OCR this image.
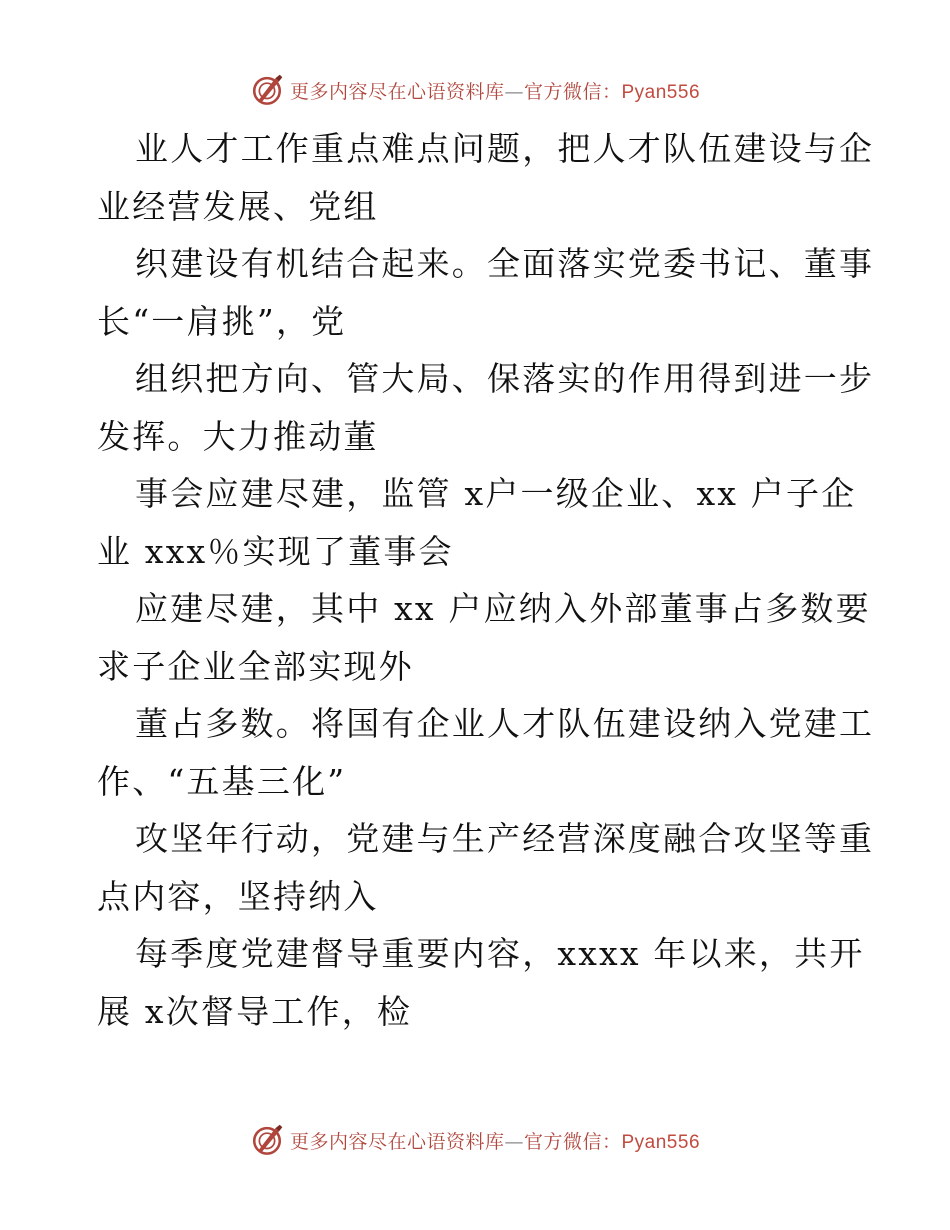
更多内容尽在心语资料库—官方微信：Pyan556
业人才工作重点难点问题，把人才队伍建设与企
业经营发展、党组
织建设有机结合起来。全面落实党委书记、董事
长“一肩挑”，党
组织把方向、管大局、保落实的作用得到进一步
发挥。大力推动董
事会应建尽建，监管 x户一级企业、xx 户子企
业 xxx％实现了董事会
应建尽建，其中 xx 户应纳入外部董事占多数要
求子企业全部实现外
董占多数。将国有企业人才队伍建设纳入党建工
作、“五基三化”
攻坚年行动，党建与生产经营深度融合攻坚等重
点内容，坚持纳入
每季度党建督导重要内容，xxxx 年以来，共开
展 x次督导工作，检
更多内容尽在心语资料库—官方微信：Pyan556
